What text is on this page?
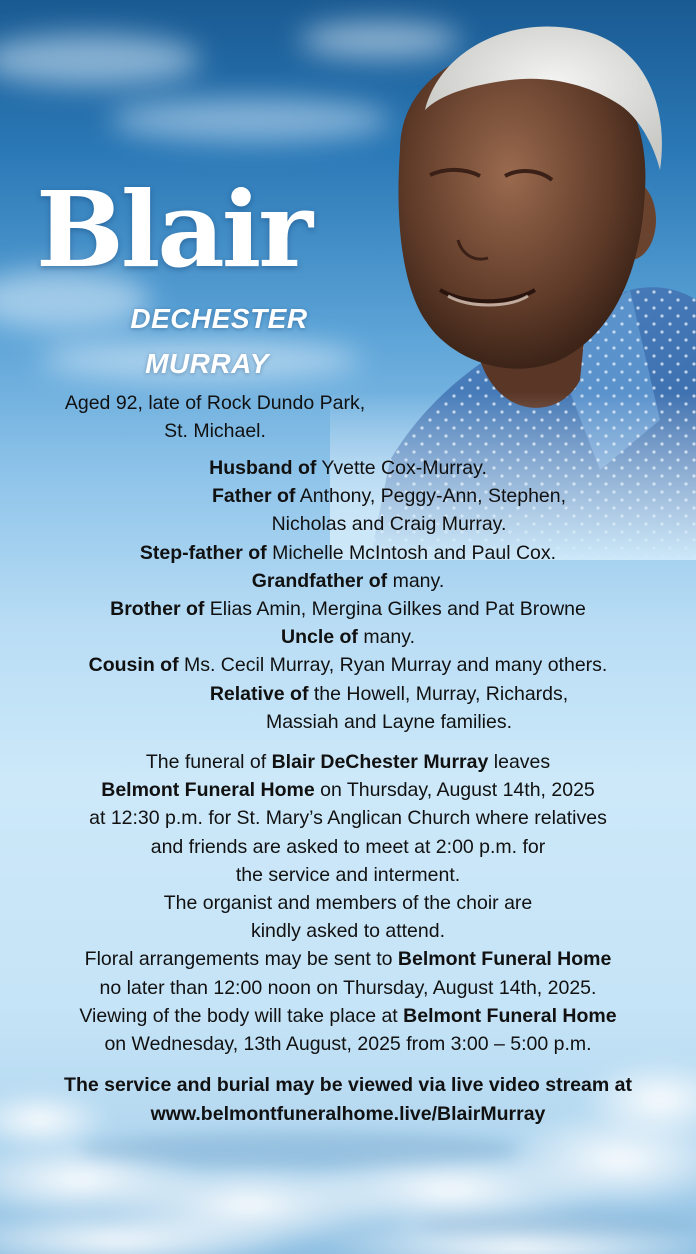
Blair
DECHESTER
MURRAY
Aged 92, late of Rock Dundo Park,
St. Michael.
Husband of Yvette Cox-Murray.
Father of Anthony, Peggy-Ann, Stephen,
Nicholas and Craig Murray.
Step-father of Michelle McIntosh and Paul Cox.
Grandfather of many.
Brother of Elias Amin, Mergina Gilkes and Pat Browne
Uncle of many.
Cousin of Ms. Cecil Murray, Ryan Murray and many others.
Relative of the Howell, Murray, Richards,
Massiah and Layne families.
The funeral of Blair DeChester Murray leaves
Belmont Funeral Home on Thursday, August 14th, 2025
at 12:30 p.m. for St. Mary’s Anglican Church where relatives
and friends are asked to meet at 2:00 p.m. for
the service and interment.
The organist and members of the choir are
kindly asked to attend.
Floral arrangements may be sent to Belmont Funeral Home
no later than 12:00 noon on Thursday, August 14th, 2025.
Viewing of the body will take place at Belmont Funeral Home
on Wednesday, 13th August, 2025 from 3:00 – 5:00 p.m.
The service and burial may be viewed via live video stream at
www.belmontfuneralhome.live/BlairMurray
